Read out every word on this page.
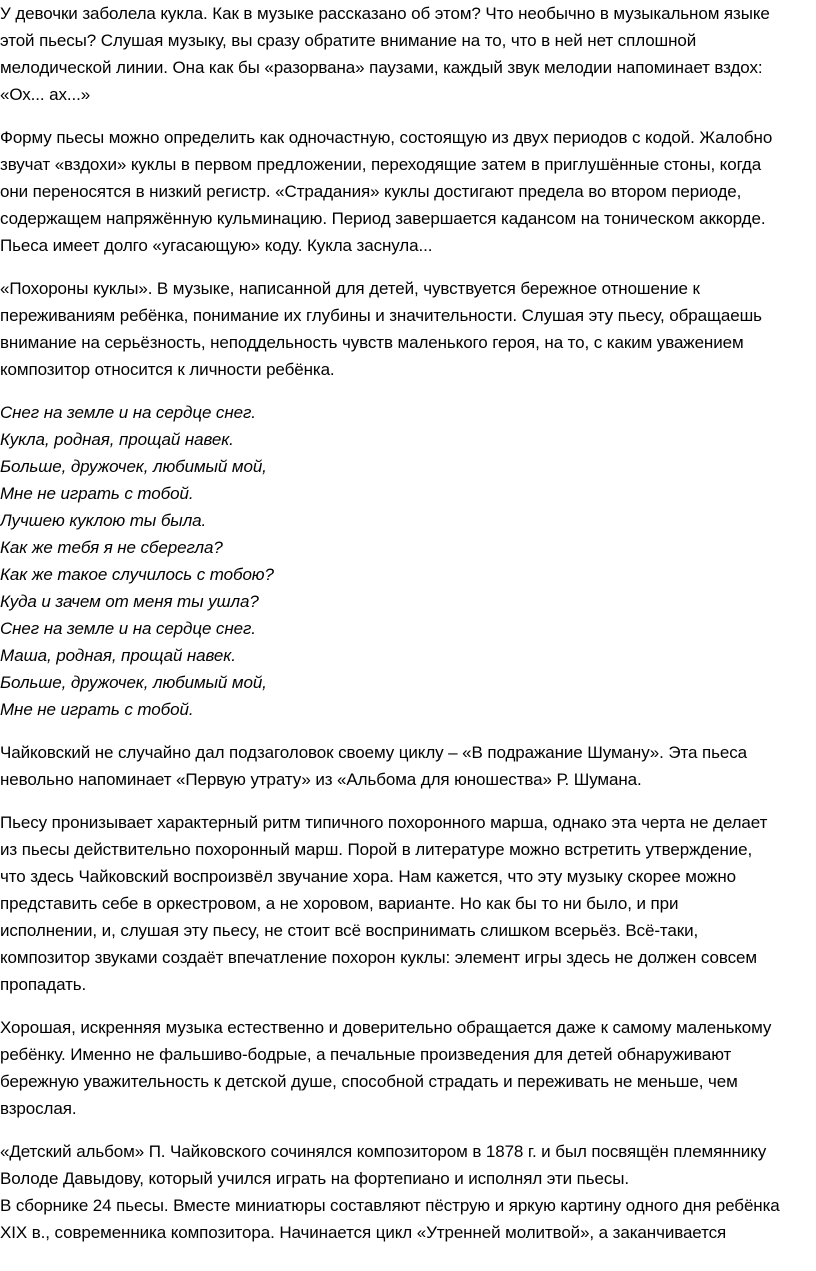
У девочки заболела кукла. Как в музыке рассказано об этом? Что необычно в музыкальном языке
этой пьесы? Слушая музыку, вы сразу обратите внимание на то, что в ней нет сплошной
мелодической линии. Она как бы «разорвана» паузами, каждый звук мелодии напоминает вздох:
«Ох... ах...»

Форму пьесы можно определить как одночастную, состоящую из двух периодов с кодой. Жалобно
звучат «вздохи» куклы в первом предложении, переходящие затем в приглушённые стоны, когда
они переносятся в низкий регистр. «Страдания» куклы достигают предела во втором периоде,
содержащем напряжённую кульминацию. Период завершается кадансом на тоническом аккорде.
Пьеса имеет долго «угасающую» коду. Кукла заснула...

«Похороны куклы». В музыке, написанной для детей, чувствуется бережное отношение к
переживаниям ребёнка, понимание их глубины и значительности. Слушая эту пьесу, обращаешь
внимание на серьёзность, неподдельность чувств маленького героя, на то, с каким уважением
композитор относится к личности ребёнка.

Снег на земле и на сердце снег.
Кукла, родная, прощай навек.
Больше, дружочек, любимый мой,
Мне не играть с тобой.
Лучшею куклою ты была.
Как же тебя я не сберегла?
Как же такое случилось с тобою?
Куда и зачем от меня ты ушла?
Снег на земле и на сердце снег.
Маша, родная, прощай навек.
Больше, дружочек, любимый мой,
Мне не играть с тобой.

Чайковский не случайно дал подзаголовок своему циклу – «В подражание Шуману». Эта пьеса
невольно напоминает «Первую утрату» из «Альбома для юношества» Р. Шумана.

Пьесу пронизывает характерный ритм типичного похоронного марша, однако эта черта не делает
из пьесы действительно похоронный марш. Порой в литературе можно встретить утверждение,
что здесь Чайковский воспроизвёл звучание хора. Нам кажется, что эту музыку скорее можно
представить себе в оркестровом, а не хоровом, варианте. Но как бы то ни было, и при
исполнении, и, слушая эту пьесу, не стоит всё воспринимать слишком всерьёз. Всё-таки,
композитор звуками создаёт впечатление похорон куклы: элемент игры здесь не должен совсем
пропадать.

Хорошая, искренняя музыка естественно и доверительно обращается даже к самому маленькому
ребёнку. Именно не фальшиво-бодрые, а печальные произведения для детей обнаруживают
бережную уважительность к детской душе, способной страдать и переживать не меньше, чем
взрослая.

«Детский альбом» П. Чайковского сочинялся композитором в 1878 г. и был посвящён племяннику
Володе Давыдову, который учился играть на фортепиано и исполнял эти пьесы.

В сборнике 24 пьесы. Вместе миниатюры составляют пёструю и яркую картину одного дня ребёнка
XIX в., современника композитора. Начинается цикл «Утренней молитвой», а заканчивается
